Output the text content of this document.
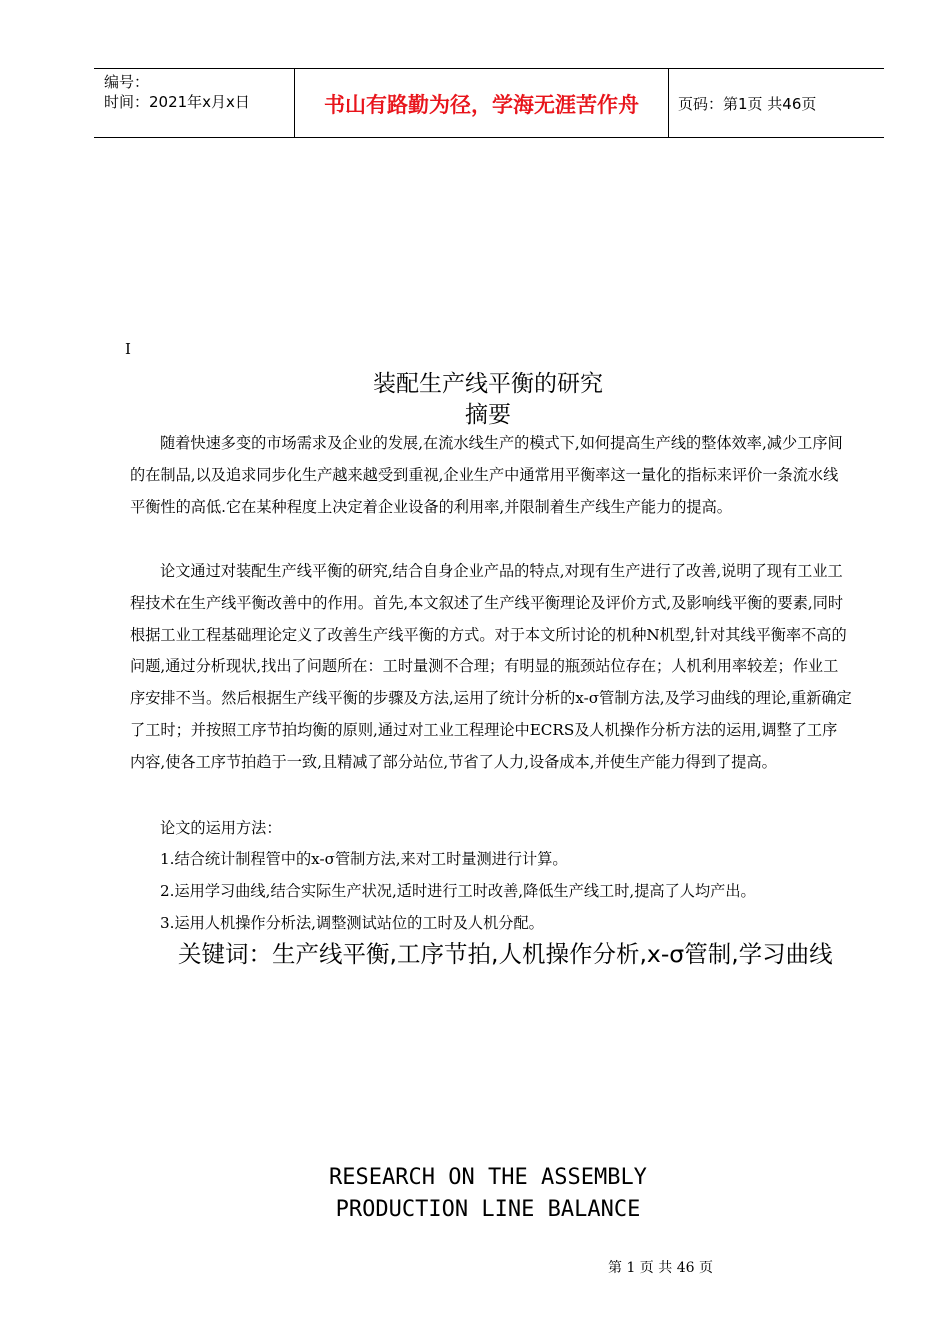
编号：
时间：2021年x月x日	书山有路勤为径，学海无涯苦作舟	页码：第1页 共46页
I
装配生产线平衡的研究
摘要
随着快速多变的市场需求及企业的发展,在流水线生产的模式下,如何提高生产线的整体效率,减少工序间的在制品,以及追求同步化生产越来越受到重视,企业生产中通常用平衡率这一量化的指标来评价一条流水线平衡性的高低.它在某种程度上决定着企业设备的利用率,并限制着生产线生产能力的提高。
论文通过对装配生产线平衡的研究,结合自身企业产品的特点,对现有生产进行了改善,说明了现有工业工程技术在生产线平衡改善中的作用。首先,本文叙述了生产线平衡理论及评价方式,及影响线平衡的要素,同时根据工业工程基础理论定义了改善生产线平衡的方式。对于本文所讨论的机种N机型,针对其线平衡率不高的问题,通过分析现状,找出了问题所在：工时量测不合理；有明显的瓶颈站位存在；人机利用率较差；作业工序安排不当。然后根据生产线平衡的步骤及方法,运用了统计分析的x-σ管制方法,及学习曲线的理论,重新确定了工时；并按照工序节拍均衡的原则,通过对工业工程理论中ECRS及人机操作分析方法的运用,调整了工序内容,使各工序节拍趋于一致,且精减了部分站位,节省了人力,设备成本,并使生产能力得到了提高。
论文的运用方法：
1.结合统计制程管中的x-σ管制方法,来对工时量测进行计算。
2.运用学习曲线,结合实际生产状况,适时进行工时改善,降低生产线工时,提高了人均产出。
3.运用人机操作分析法,调整测试站位的工时及人机分配。
关键词：生产线平衡,工序节拍,人机操作分析,x-σ管制,学习曲线
RESEARCH ON THE ASSEMBLY
PRODUCTION LINE BALANCE
第 1 页 共 46 页
